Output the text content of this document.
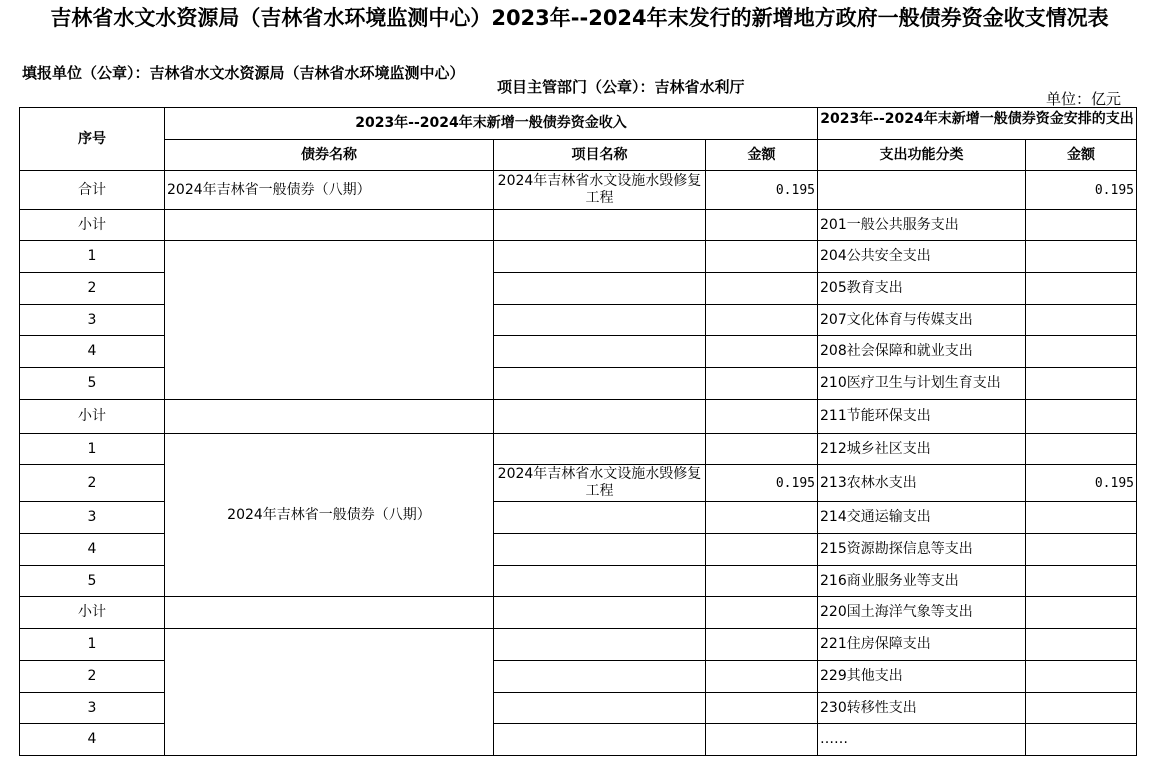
吉林省水文水资源局（吉林省水环境监测中心）2023年--2024年末发行的新增地方政府一般债券资金收支情况表
填报单位（公章）：吉林省水文水资源局（吉林省水环境监测中心）
项目主管部门（公章）：吉林省水利厅
单位：亿元
序号	2023年--2024年末新增一般债券资金收入			2023年--2024年末新增一般债券资金安排的支出	

	债券名称	项目名称	金额	支出功能分类	金额
合计	2024年吉林省一般债券（八期）	2024年吉林省水文设施水毁修复工程	0.195		0.195
小计				201一般公共服务支出	
1				204公共安全支出	
2				205教育支出	
3				207文化体育与传媒支出	
4				208社会保障和就业支出	
5				210医疗卫生与计划生育支出	
小计				211节能环保支出	
1	2024年吉林省一般债券（八期）			212城乡社区支出	
2		2024年吉林省水文设施水毁修复工程	0.195	213农林水支出	0.195
3				214交通运输支出	
4				215资源勘探信息等支出	
5				216商业服务业等支出	
小计				220国土海洋气象等支出	
1				221住房保障支出	
2				229其他支出	
3				230转移性支出	
4				……	
